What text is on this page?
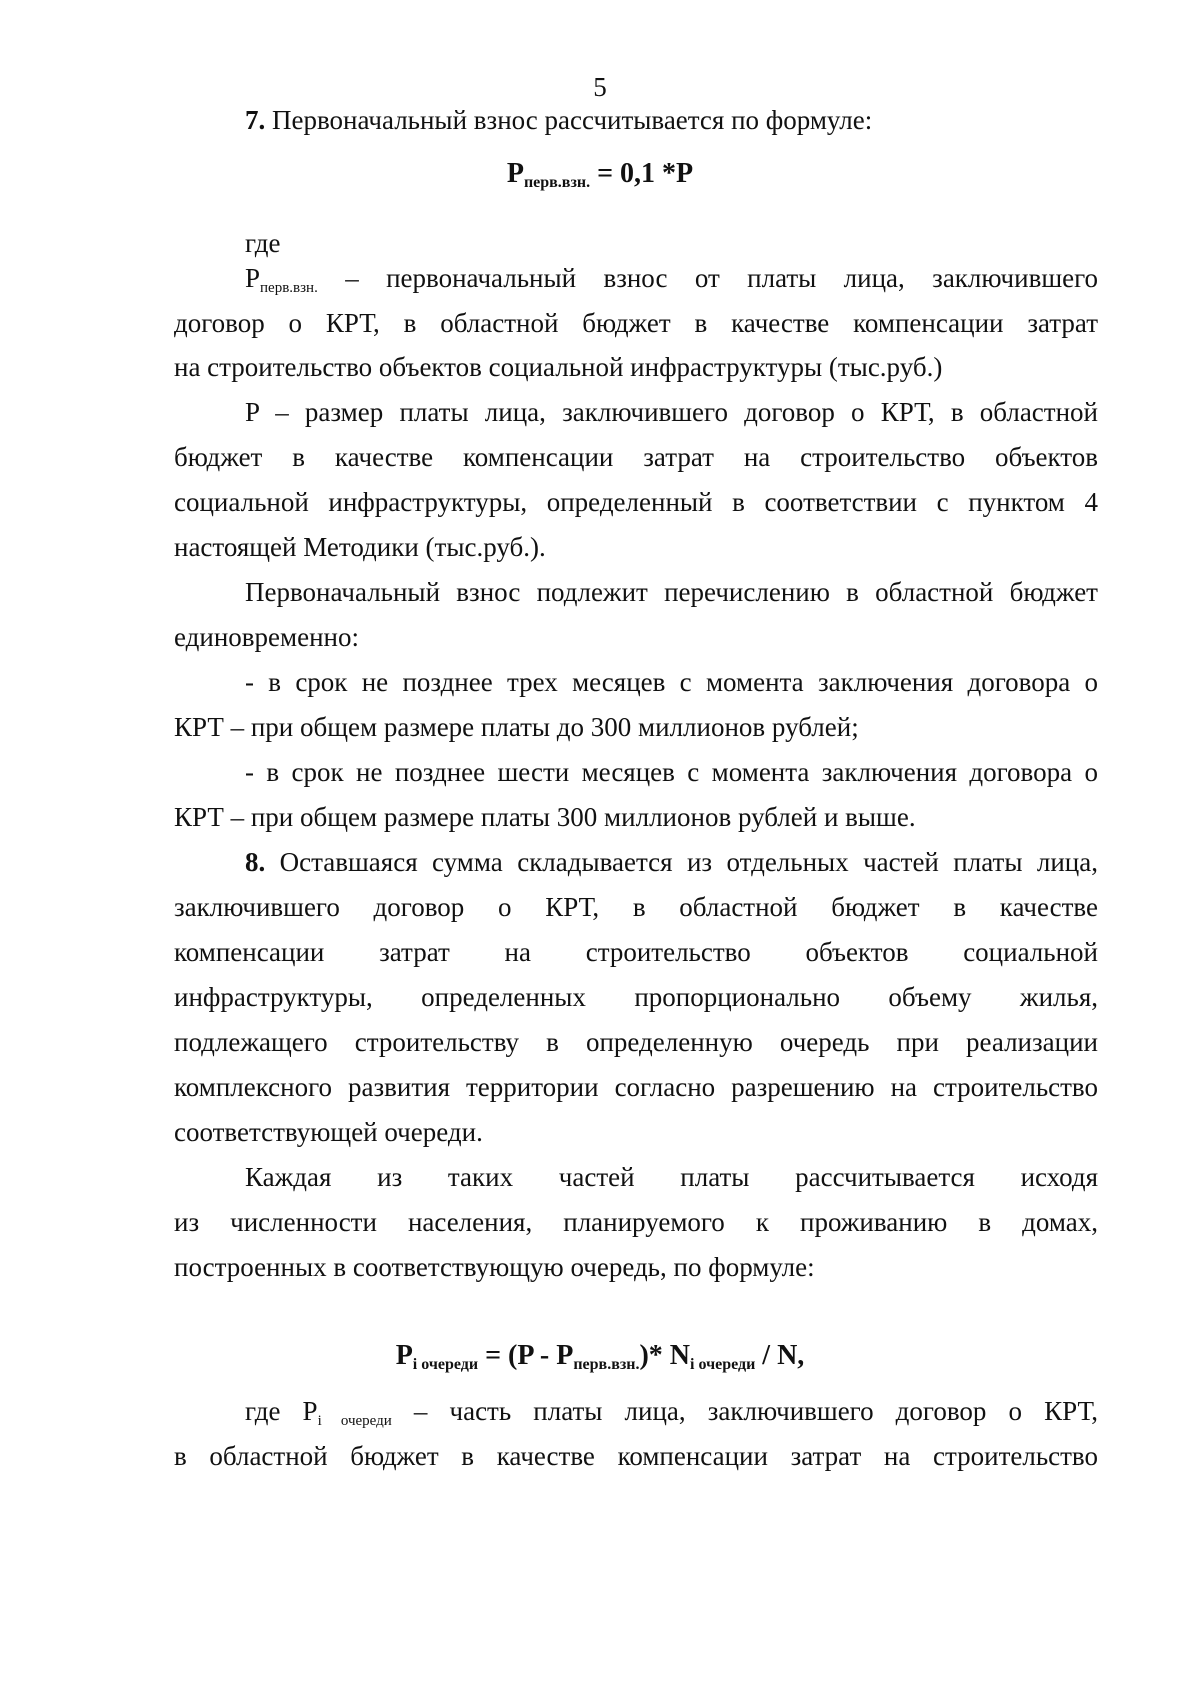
5
7. Первоначальный взнос рассчитывается по формуле:
$P_{перв.взн.} = 0,1$ *P
где
$P_{перв.взн.}$ – первоначальный взнос от платы лица, заключившего
договор о КРТ, в областной бюджет в качестве компенсации затрат
на строительство объектов социальной инфраструктуры (тыс.руб.)
P – размер платы лица, заключившего договор о КРТ, в областной
бюджет в качестве компенсации затрат на строительство объектов
социальной инфраструктуры, определенный в соответствии с пунктом 4
настоящей Методики (тыс.руб.).
Первоначальный взнос подлежит перечислению в областной бюджет
единовременно:
- в срок не позднее трех месяцев с момента заключения договора о
КРТ – при общем размере платы до 300 миллионов рублей;
- в срок не позднее шести месяцев с момента заключения договора о
КРТ – при общем размере платы 300 миллионов рублей и выше.
8. Оставшаяся сумма складывается из отдельных частей платы лица,
заключившего договор о КРТ, в областной бюджет в качестве
компенсации затрат на строительство объектов социальной
инфраструктуры, определенных пропорционально объему жилья,
подлежащего строительству в определенную очередь при реализации
комплексного развития территории согласно разрешению на строительство
соответствующей очереди.
Каждая из таких частей платы рассчитывается исходя
из численности населения, планируемого к проживанию в домах,
построенных в соответствующую очередь, по формуле:
$P_{i очереди} = (P - P_{перв.взн.})*$ $N_{i очереди}$ / N,
где $P_{i очереди}$ – часть платы лица, заключившего договор о КРТ,
в областной бюджет в качестве компенсации затрат на строительство
